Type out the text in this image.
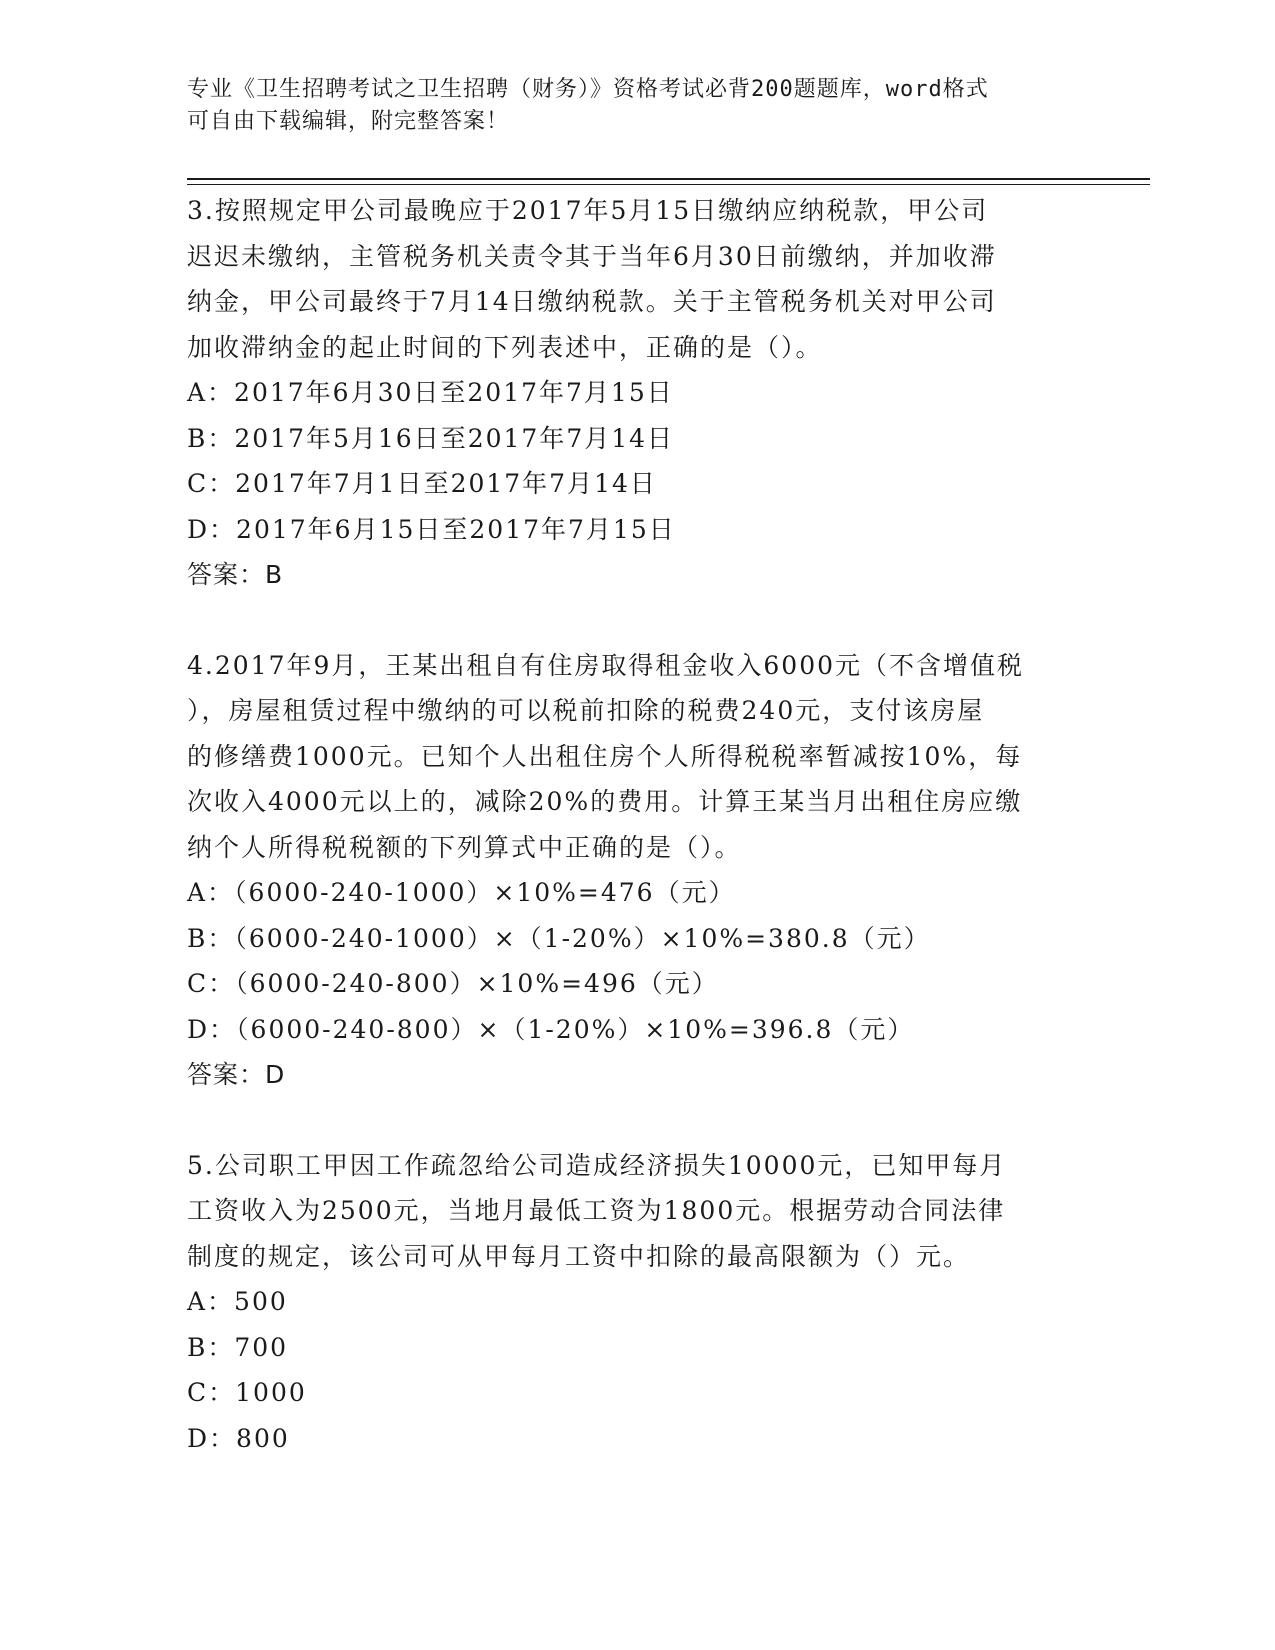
专业《卫生招聘考试之卫生招聘（财务）》资格考试必背200题题库，word格式
可自由下载编辑，附完整答案！
3.按照规定甲公司最晚应于2017年5月15日缴纳应纳税款，甲公司
迟迟未缴纳，主管税务机关责令其于当年6月30日前缴纳，并加收滞
纳金，甲公司最终于7月14日缴纳税款。关于主管税务机关对甲公司
加收滞纳金的起止时间的下列表述中，正确的是（）。
A：2017年6月30日至2017年7月15日
B：2017年5月16日至2017年7月14日
C：2017年7月1日至2017年7月14日
D：2017年6月15日至2017年7月15日
答案：B
4.2017年9月，王某出租自有住房取得租金收入6000元（不含增值税
），房屋租赁过程中缴纳的可以税前扣除的税费240元，支付该房屋
的修缮费1000元。已知个人出租住房个人所得税税率暂减按10%，每
次收入4000元以上的，减除20%的费用。计算王某当月出租住房应缴
纳个人所得税税额的下列算式中正确的是（）。
A：（6000-240-1000）×10%=476（元）
B：（6000-240-1000）×（1-20%）×10%=380.8（元）
C：（6000-240-800）×10%=496（元）
D：（6000-240-800）×（1-20%）×10%=396.8（元）
答案：D
5.公司职工甲因工作疏忽给公司造成经济损失10000元，已知甲每月
工资收入为2500元，当地月最低工资为1800元。根据劳动合同法律
制度的规定，该公司可从甲每月工资中扣除的最高限额为（）元。
A：500
B：700
C：1000
D：800
